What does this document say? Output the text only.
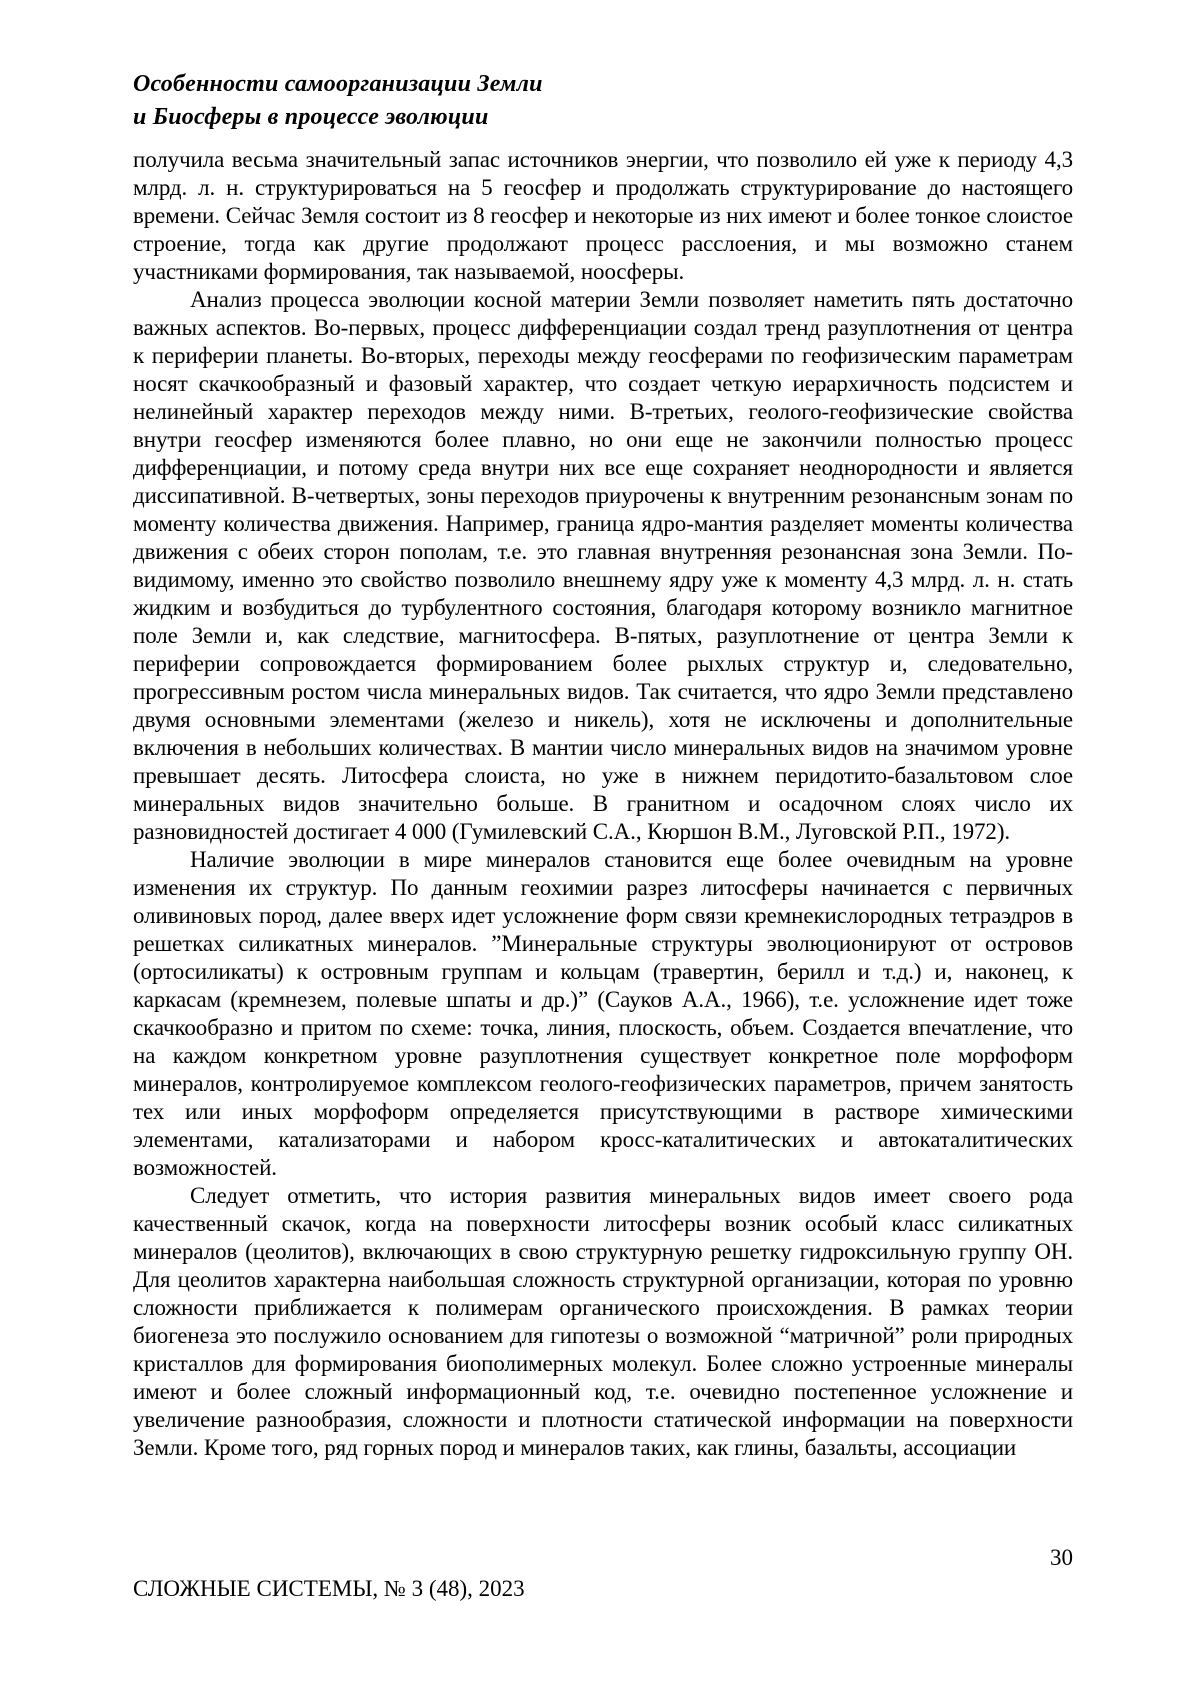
Особенности самоорганизации Земли
и Биосферы в процессе эволюции

получила весьма значительный запас источников энергии, что позволило ей уже к периоду 4,3 млрд. л. н. структурироваться на 5 геосфер и продолжать структурирование до настоящего времени. Сейчас Земля состоит из 8 геосфер и некоторые из них имеют и более тонкое слоистое строение, тогда как другие продолжают процесс расслоения, и мы возможно станем участниками формирования, так называемой, ноосферы.

Анализ процесса эволюции косной материи Земли позволяет наметить пять достаточно важных аспектов. Во-первых, процесс дифференциации создал тренд разуплотнения от центра к периферии планеты. Во-вторых, переходы между геосферами по геофизическим параметрам носят скачкообразный и фазовый характер, что создает четкую иерархичность подсистем и нелинейный характер переходов между ними. В-третьих, геолого-геофизические свойства внутри геосфер изменяются более плавно, но они еще не закончили полностью процесс дифференциации, и потому среда внутри них все еще сохраняет неоднородности и является диссипативной. В-четвертых, зоны переходов приурочены к внутренним резонансным зонам по моменту количества движения. Например, граница ядро-мантия разделяет моменты количества движения с обеих сторон пополам, т.е. это главная внутренняя резонансная зона Земли. По-видимому, именно это свойство позволило внешнему ядру уже к моменту 4,3 млрд. л. н. стать жидким и возбудиться до турбулентного состояния, благодаря которому возникло магнитное поле Земли и, как следствие, магнитосфера. В-пятых, разуплотнение от центра Земли к периферии сопровождается формированием более рыхлых структур и, следовательно, прогрессивным ростом числа минеральных видов. Так считается, что ядро Земли представлено двумя основными элементами (железо и никель), хотя не исключены и дополнительные включения в небольших количествах. В мантии число минеральных видов на значимом уровне превышает десять. Литосфера слоиста, но уже в нижнем перидотито-базальтовом слое минеральных видов значительно больше. В гранитном и осадочном слоях число их разновидностей достигает 4 000 (Гумилевский С.А., Кюршон В.М., Луговской Р.П., 1972).

Наличие эволюции в мире минералов становится еще более очевидным на уровне изменения их структур. По данным геохимии разрез литосферы начинается с первичных оливиновых пород, далее вверх идет усложнение форм связи кремнекислородных тетраэдров в решетках силикатных минералов. ”Минеральные структуры эволюционируют от островов (ортосиликаты) к островным группам и кольцам (травертин, берилл и т.д.) и, наконец, к каркасам (кремнезем, полевые шпаты и др.)” (Сауков А.А., 1966), т.е. усложнение идет тоже скачкообразно и притом по схеме: точка, линия, плоскость, объем. Создается впечатление, что на каждом конкретном уровне разуплотнения существует конкретное поле морфоформ минералов, контролируемое комплексом геолого-геофизических параметров, причем занятость тех или иных морфоформ определяется присутствующими в растворе химическими элементами, катализаторами и набором кросс-каталитических и автокаталитических возможностей.

Следует отметить, что история развития минеральных видов имеет своего рода качественный скачок, когда на поверхности литосферы возник особый класс силикатных минералов (цеолитов), включающих в свою структурную решетку гидроксильную группу ОН. Для цеолитов характерна наибольшая сложность структурной организации, которая по уровню сложности приближается к полимерам органического происхождения. В рамках теории биогенеза это послужило основанием для гипотезы о возможной “матричной” роли природных кристаллов для формирования биополимерных молекул. Более сложно устроенные минералы имеют и более сложный информационный код, т.е. очевидно постепенное усложнение и увеличение разнообразия, сложности и плотности статической информации на поверхности Земли. Кроме того, ряд горных пород и минералов таких, как глины, базальты, ассоциации

30
СЛОЖНЫЕ СИСТЕМЫ, № 3 (48), 2023
